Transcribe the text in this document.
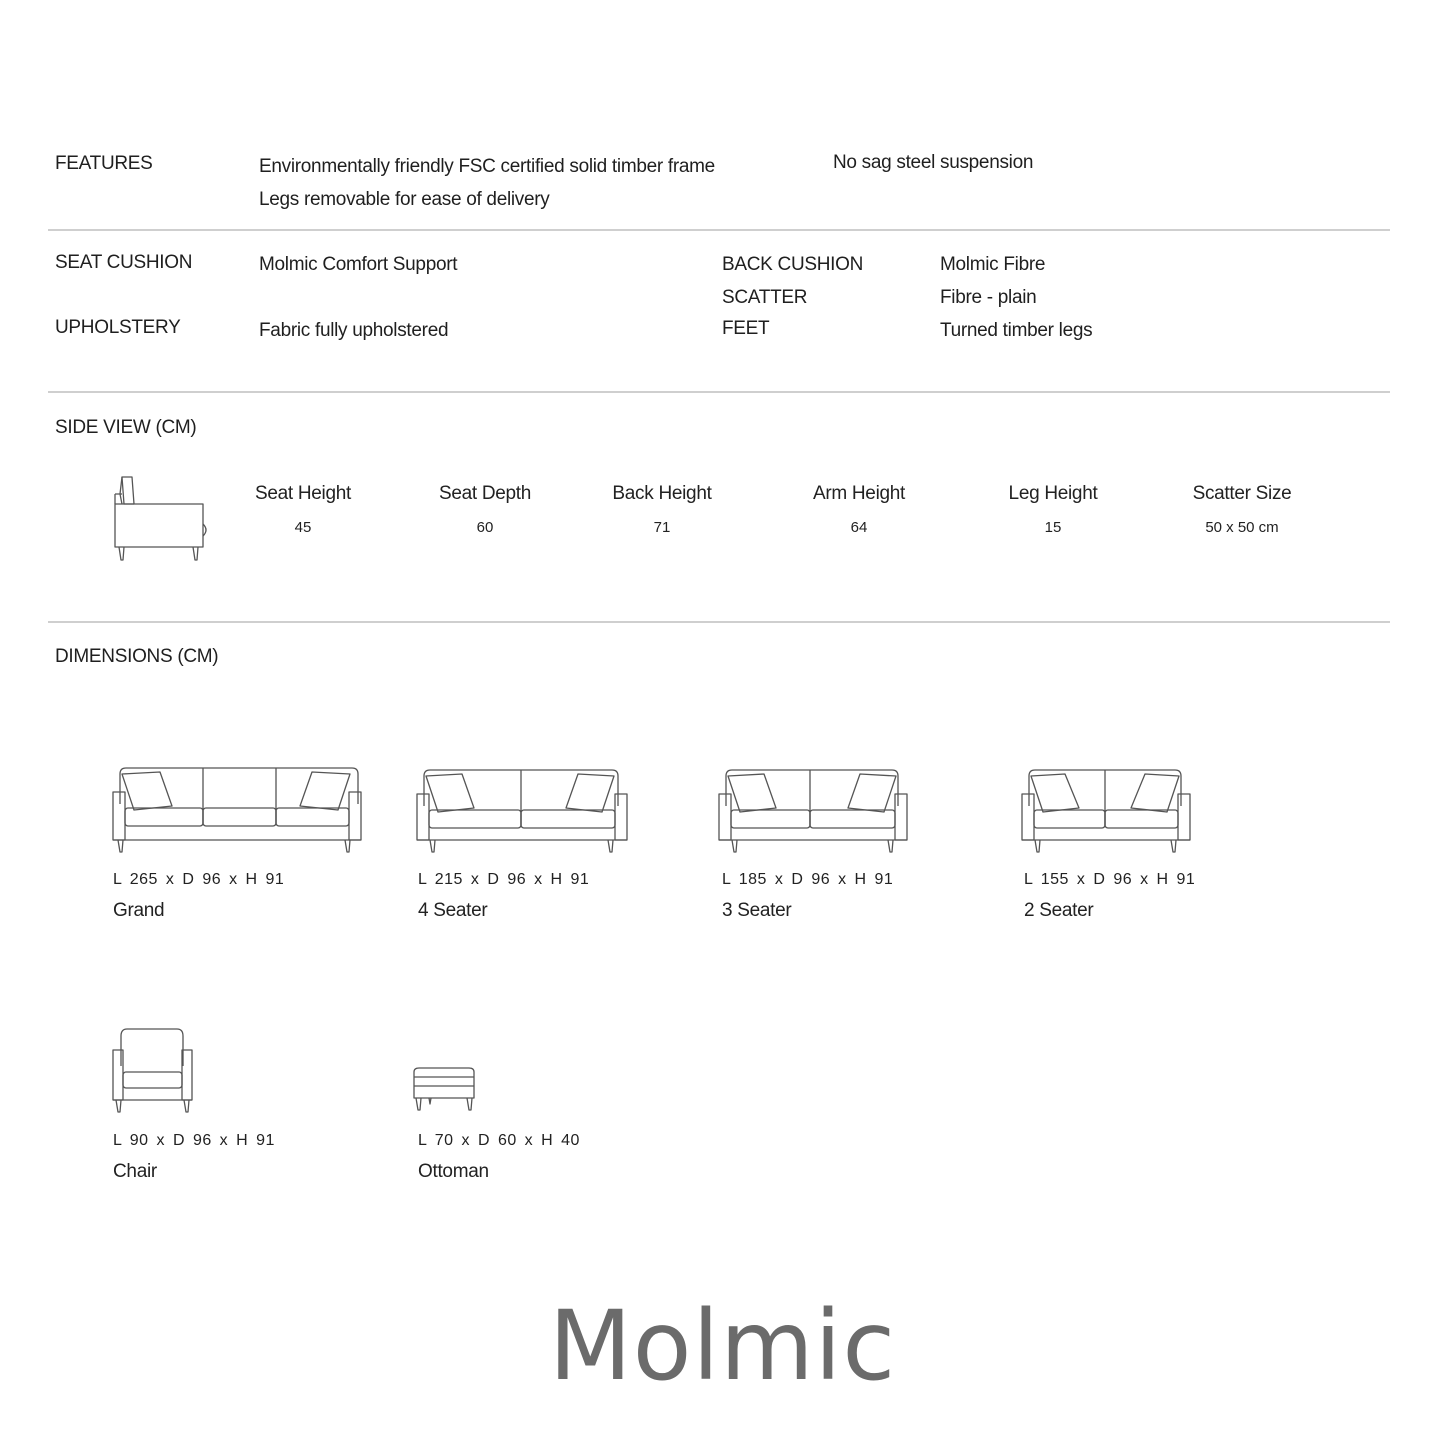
FEATURES	Environmentally friendly FSC certified solid timber frame
Legs removable for ease of delivery
No sag steel suspension
SEAT CUSHION	Molmic Comfort Support
UPHOLSTERY	Fabric fully upholstered
BACK CUSHION	Molmic Fibre
SCATTER	Fibre - plain
FEET	Turned timber legs
SIDE VIEW (CM)
Seat Height
45
Seat Depth
60
Back Height
71
Arm Height
64
Leg Height
15
Scatter Size
50 x 50 cm
DIMENSIONS (CM)
L 265 x D 96 x H 91
Grand
L 215 x D 96 x H 91
4 Seater
L 185 x D 96 x H 91
3 Seater
L 155 x D 96 x H 91
2 Seater
L 90 x D 96 x H 91
Chair
L 70 x D 60 x H 40
Ottoman
Molmic
